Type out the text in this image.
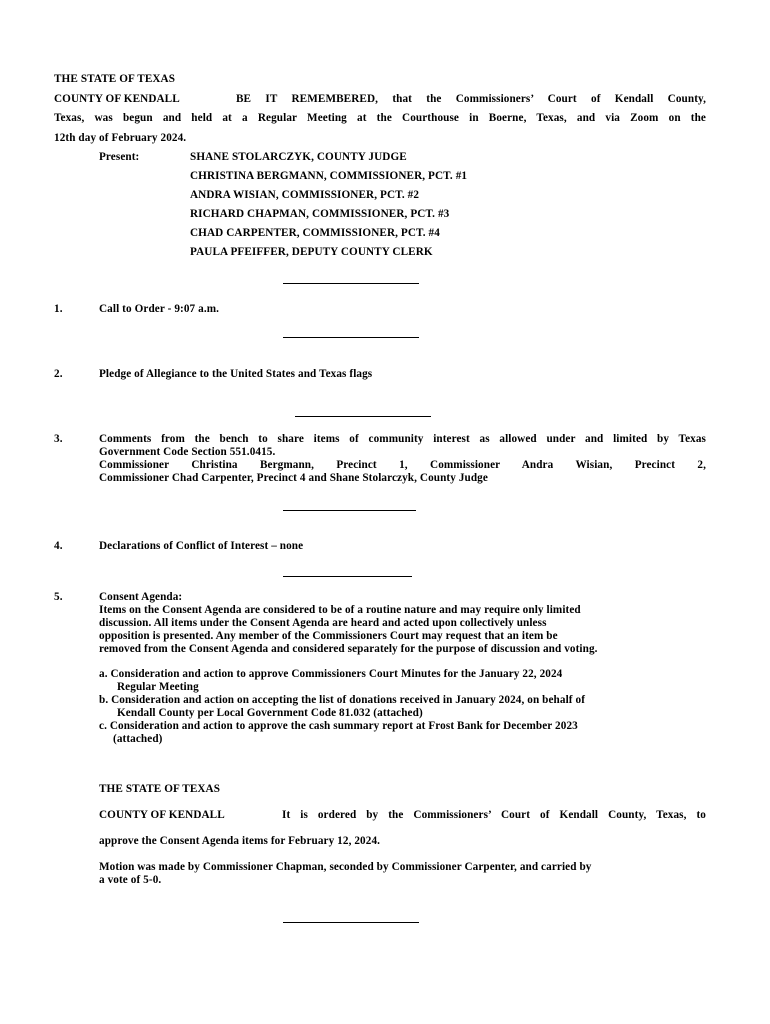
THE STATE OF TEXAS
COUNTY OF KENDALL	BE IT REMEMBERED, that the Commissioners’ Court of Kendall County,
Texas, was begun and held at a Regular Meeting at the Courthouse in Boerne, Texas, and via Zoom on the
12th day of February 2024.
Present:	SHANE STOLARCZYK, COUNTY JUDGE
CHRISTINA BERGMANN, COMMISSIONER, PCT. #1
ANDRA WISIAN, COMMISSIONER, PCT. #2
RICHARD CHAPMAN, COMMISSIONER, PCT. #3
CHAD CARPENTER, COMMISSIONER, PCT. #4
PAULA PFEIFFER, DEPUTY COUNTY CLERK
1.	Call to Order - 9:07 a.m.
2.	Pledge of Allegiance to the United States and Texas flags
3.	Comments from the bench to share items of community interest as allowed under and limited by Texas
Government Code Section 551.0415.
Commissioner Christina Bergmann, Precinct 1, Commissioner Andra Wisian, Precinct 2,
Commissioner Chad Carpenter, Precinct 4 and Shane Stolarczyk, County Judge
4.	Declarations of Conflict of Interest – none
5.	Consent Agenda:
Items on the Consent Agenda are considered to be of a routine nature and may require only limited
discussion. All items under the Consent Agenda are heard and acted upon collectively unless
opposition is presented. Any member of the Commissioners Court may request that an item be
removed from the Consent Agenda and considered separately for the purpose of discussion and voting.
a. Consideration and action to approve Commissioners Court Minutes for the January 22, 2024
Regular Meeting
b. Consideration and action on accepting the list of donations received in January 2024, on behalf of
Kendall County per Local Government Code 81.032 (attached)
c. Consideration and action to approve the cash summary report at Frost Bank for December 2023
(attached)
THE STATE OF TEXAS
COUNTY OF KENDALL	It is ordered by the Commissioners’ Court of Kendall County, Texas, to
approve the Consent Agenda items for February 12, 2024.
Motion was made by Commissioner Chapman, seconded by Commissioner Carpenter, and carried by
a vote of 5-0.
